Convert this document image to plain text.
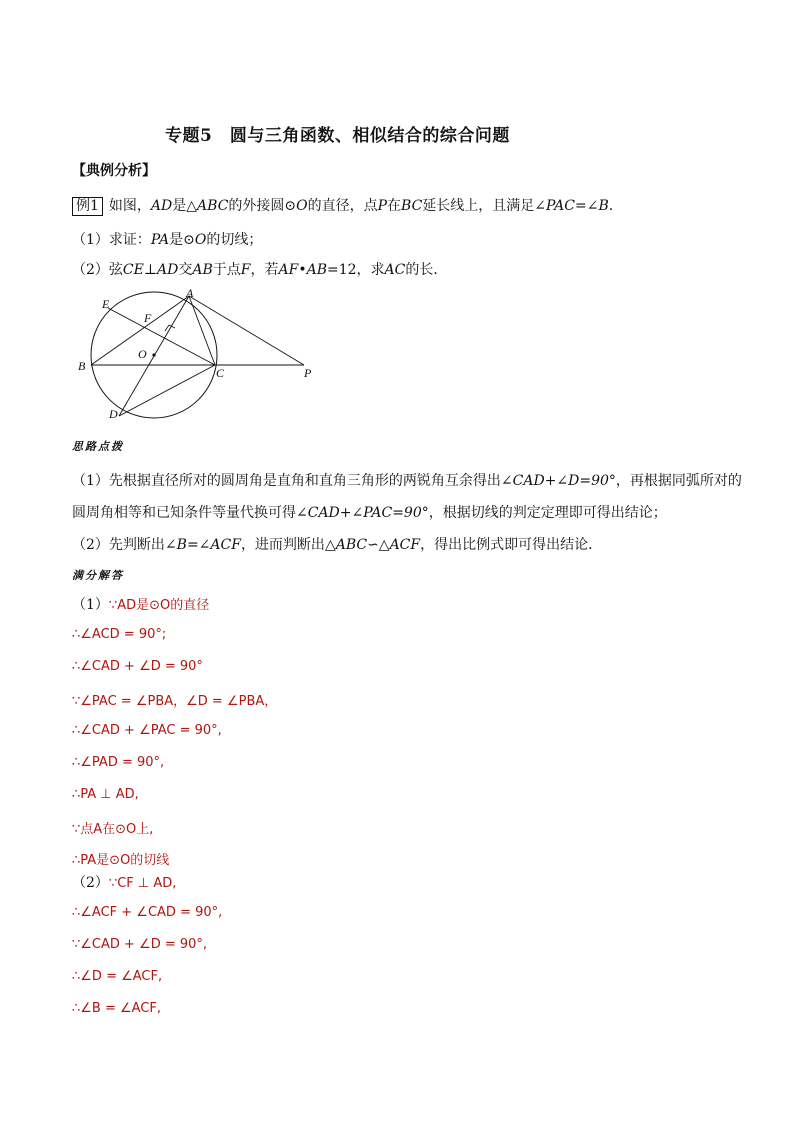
专题5　圆与三角函数、相似结合的综合问题
【典例分析】
例1 如图，AD是△ABC的外接圆⊙O的直径，点P在BC延长线上，且满足∠PAC=∠B.
（1）求证：PA是⊙O的切线；
（2）弦CE⊥AD交AB于点F，若AF•AB=12，求AC的长．
A
E
F
O
B	C	P
D
思路点拨
（1）先根据直径所对的圆周角是直角和直角三角形的两锐角互余得出∠CAD+∠D=90°，再根据同弧所对的
圆周角相等和已知条件等量代换可得∠CAD+∠PAC=90°，根据切线的判定定理即可得出结论；
（2）先判断出∠B=∠ACF，进而判断出△ABC∽△ACF，得出比例式即可得出结论．
满分解答
（1）∵AD是⊙O的直径
∴∠ACD = 90°;
∴∠CAD + ∠D = 90°
∵∠PAC = ∠PBA，∠D = ∠PBA，
∴∠CAD + ∠PAC = 90°,
∴∠PAD = 90°,
∴PA ⊥ AD,
∵点A在⊙O上,
∴PA是⊙O的切线
（2）∵CF ⊥ AD,
∴∠ACF + ∠CAD = 90°,
∵∠CAD + ∠D = 90°,
∴∠D = ∠ACF,
∴∠B = ∠ACF,
